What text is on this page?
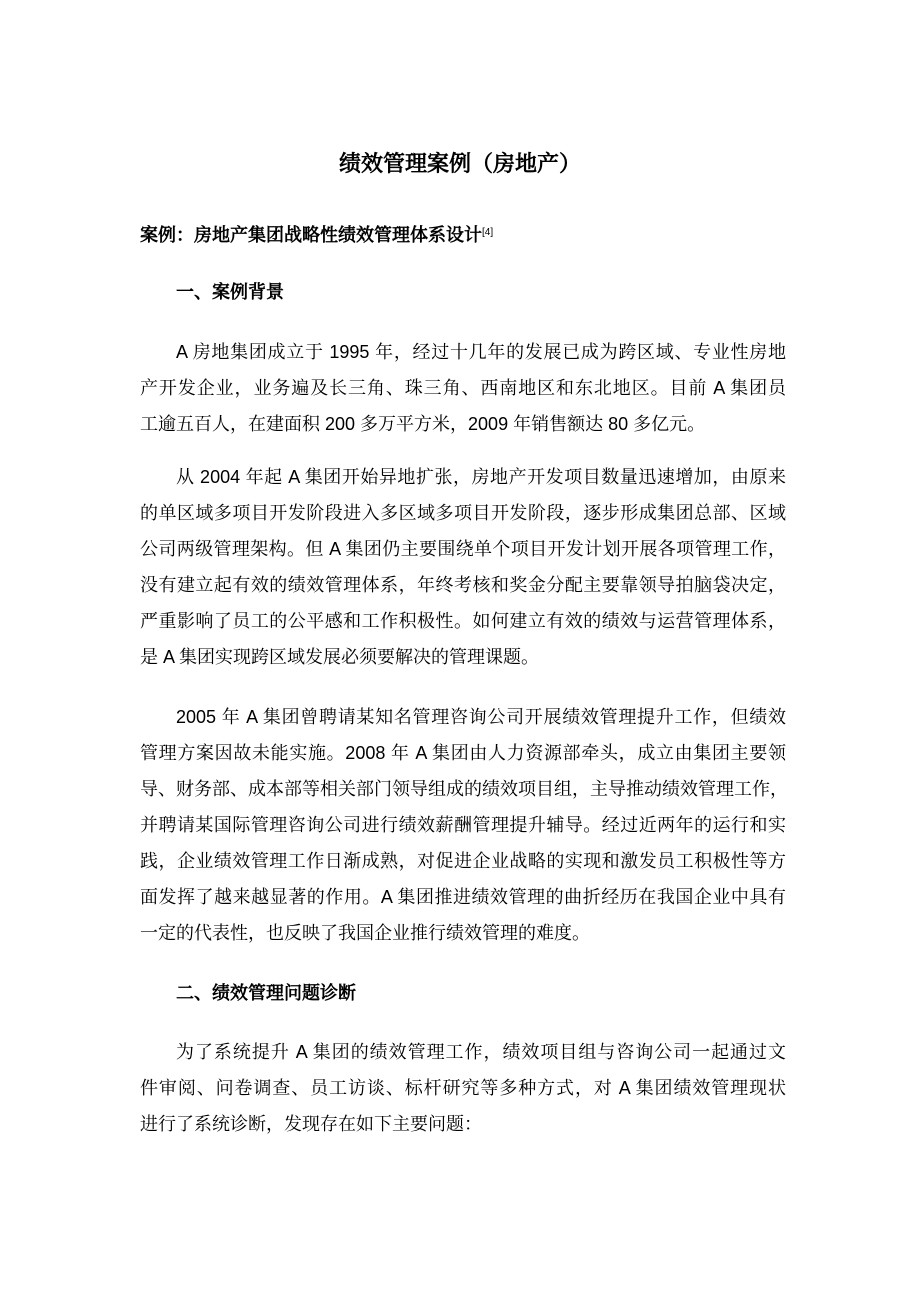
绩效管理案例（房地产）
案例：房地产集团战略性绩效管理体系设计[4]
一、案例背景
A 房地集团成立于 1995 年，经过十几年的发展已成为跨区域、专业性房地
产开发企业，业务遍及长三角、珠三角、西南地区和东北地区。目前 A 集团员
工逾五百人，在建面积 200 多万平方米，2009 年销售额达 80 多亿元。
从 2004 年起 A 集团开始异地扩张，房地产开发项目数量迅速增加，由原来
的单区域多项目开发阶段进入多区域多项目开发阶段，逐步形成集团总部、区域
公司两级管理架构。但 A 集团仍主要围绕单个项目开发计划开展各项管理工作，
没有建立起有效的绩效管理体系，年终考核和奖金分配主要靠领导拍脑袋决定，
严重影响了员工的公平感和工作积极性。如何建立有效的绩效与运营管理体系，
是 A 集团实现跨区域发展必须要解决的管理课题。
2005 年 A 集团曾聘请某知名管理咨询公司开展绩效管理提升工作，但绩效
管理方案因故未能实施。2008 年 A 集团由人力资源部牵头，成立由集团主要领
导、财务部、成本部等相关部门领导组成的绩效项目组，主导推动绩效管理工作，
并聘请某国际管理咨询公司进行绩效薪酬管理提升辅导。经过近两年的运行和实
践，企业绩效管理工作日渐成熟，对促进企业战略的实现和激发员工积极性等方
面发挥了越来越显著的作用。A 集团推进绩效管理的曲折经历在我国企业中具有
一定的代表性，也反映了我国企业推行绩效管理的难度。
二、绩效管理问题诊断
为了系统提升 A 集团的绩效管理工作，绩效项目组与咨询公司一起通过文
件审阅、问卷调查、员工访谈、标杆研究等多种方式，对 A 集团绩效管理现状
进行了系统诊断，发现存在如下主要问题：
